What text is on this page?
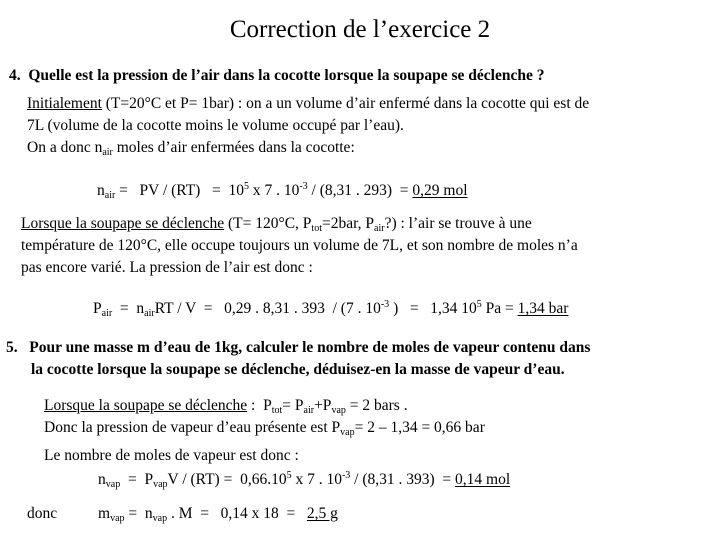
Correction de l’exercice 2
4. Quelle est la pression de l’air dans la cocotte lorsque la soupape se déclenche ?
Initialement (T=20°C et P= 1bar) : on a un volume d’air enfermé dans la cocotte qui est de
7L (volume de la cocotte moins le volume occupé par l’eau).
On a donc $n_{air}$ moles d’air enfermées dans la cocotte:
$n_{air}$ =   PV / $(RT) = 10^5$ x 7 . $10^{-3} / (8,31$ . 293)  = 0,29 mol
Lorsque la soupape se déclenche (T= 120°C, $P_{tot}=2bar$, $P_{air}$?) : l’air se trouve à une
température de 120°C, elle occupe toujours un volume de 7L, et son nombre de moles n’a
pas encore varié. La pression de l’air est donc :
$P_{air} = n_{air}RT / V = 0,29$ . 8,31 . 393  / (7 . $10^{-3}$ )   =   1,34 $10^5$ Pa = 1,34 bar
5. Pour une masse m d’eau de 1kg, calculer le nombre de moles de vapeur contenu dans
la cocotte lorsque la soupape se déclenche, déduisez-en la masse de vapeur d’eau.
Lorsque la soupape se déclenche :  $P_{tot}= P_{air}+P_{vap} = 2$ bars .
Donc la pression de vapeur d’eau présente est $P_{vap}= 2 - 1,34 = 0,66$ bar
Le nombre de moles de vapeur est donc :
$n_{vap} = P_{vap}V / (RT) = 0,66.10^5$ x 7 . $10^{-3} / (8,31$ . 393)  = 0,14 mol
donc	$m_{vap} = n_{vap}$ . M  =   0,14 x 18  =   2,5 g
